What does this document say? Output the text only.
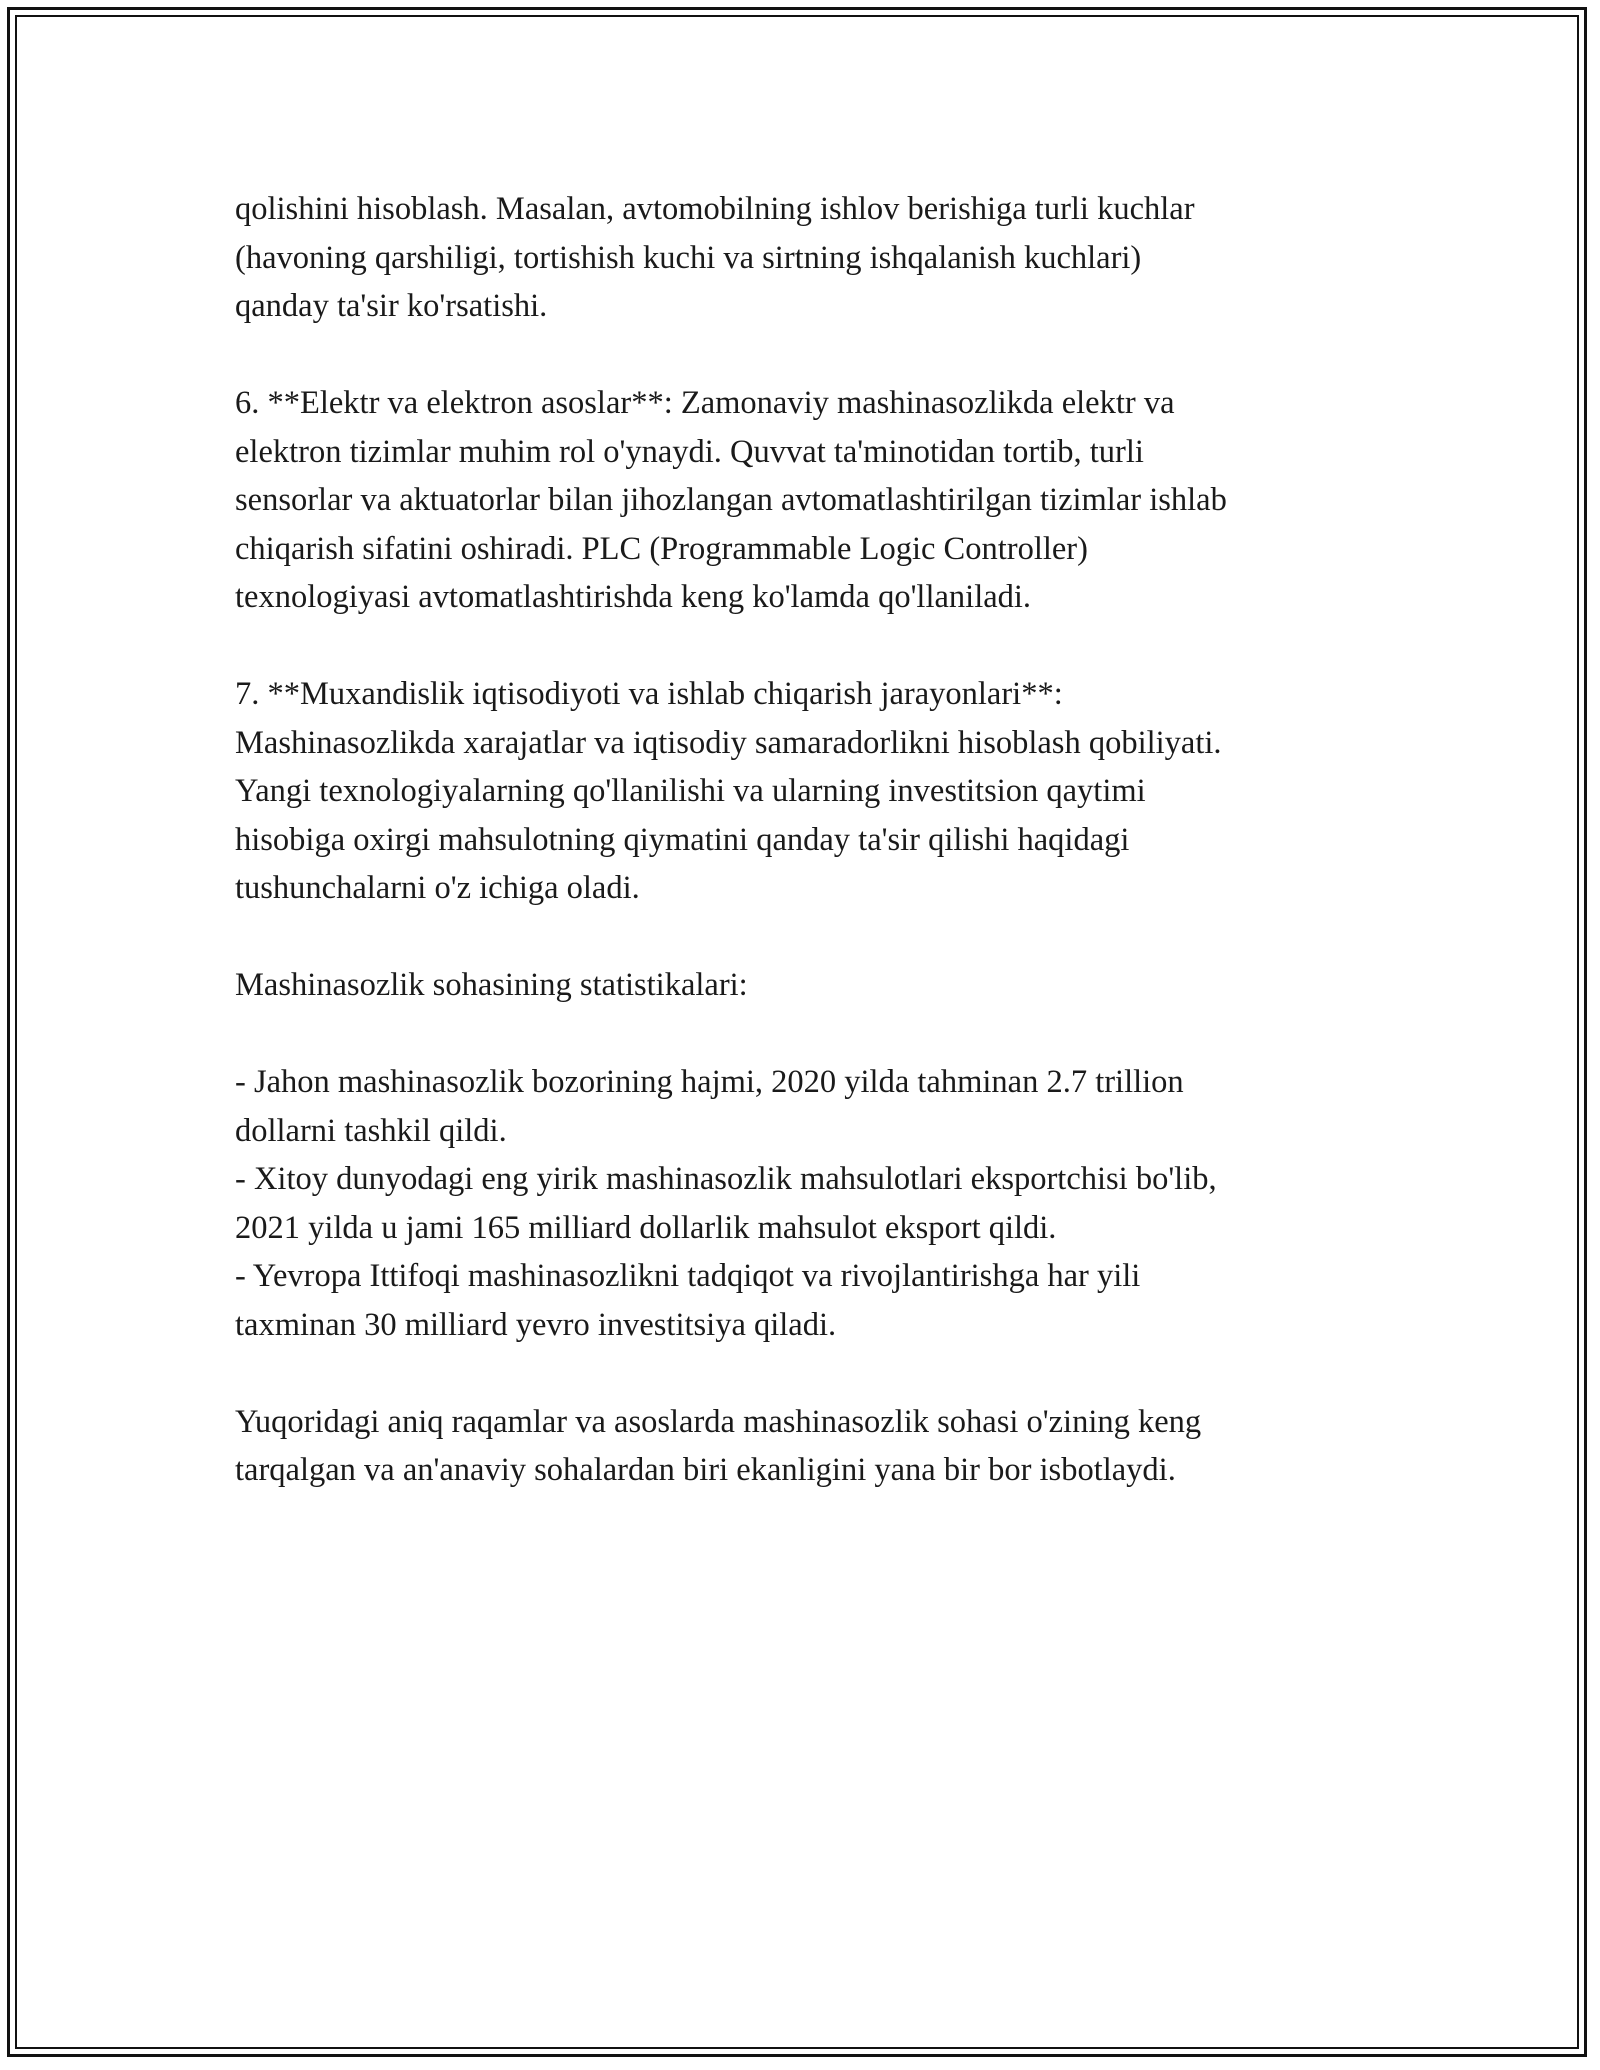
qolishini hisoblash. Masalan, avtomobilning ishlov berishiga turli kuchlar
(havoning qarshiligi, tortishish kuchi va sirtning ishqalanish kuchlari)
qanday ta'sir ko'rsatishi.

6. **Elektr va elektron asoslar**: Zamonaviy mashinasozlikda elektr va
elektron tizimlar muhim rol o'ynaydi. Quvvat ta'minotidan tortib, turli
sensorlar va aktuatorlar bilan jihozlangan avtomatlashtirilgan tizimlar ishlab
chiqarish sifatini oshiradi. PLC (Programmable Logic Controller)
texnologiyasi avtomatlashtirishda keng ko'lamda qo'llaniladi.

7. **Muxandislik iqtisodiyoti va ishlab chiqarish jarayonlari**:
Mashinasozlikda xarajatlar va iqtisodiy samaradorlikni hisoblash qobiliyati.
Yangi texnologiyalarning qo'llanilishi va ularning investitsion qaytimi
hisobiga oxirgi mahsulotning qiymatini qanday ta'sir qilishi haqidagi
tushunchalarni o'z ichiga oladi.

Mashinasozlik sohasining statistikalari:

- Jahon mashinasozlik bozorining hajmi, 2020 yilda tahminan 2.7 trillion
dollarni tashkil qildi.
- Xitoy dunyodagi eng yirik mashinasozlik mahsulotlari eksportchisi bo'lib,
2021 yilda u jami 165 milliard dollarlik mahsulot eksport qildi.
- Yevropa Ittifoqi mashinasozlikni tadqiqot va rivojlantirishga har yili
taxminan 30 milliard yevro investitsiya qiladi.

Yuqoridagi aniq raqamlar va asoslarda mashinasozlik sohasi o'zining keng
tarqalgan va an'anaviy sohalardan biri ekanligini yana bir bor isbotlaydi.
